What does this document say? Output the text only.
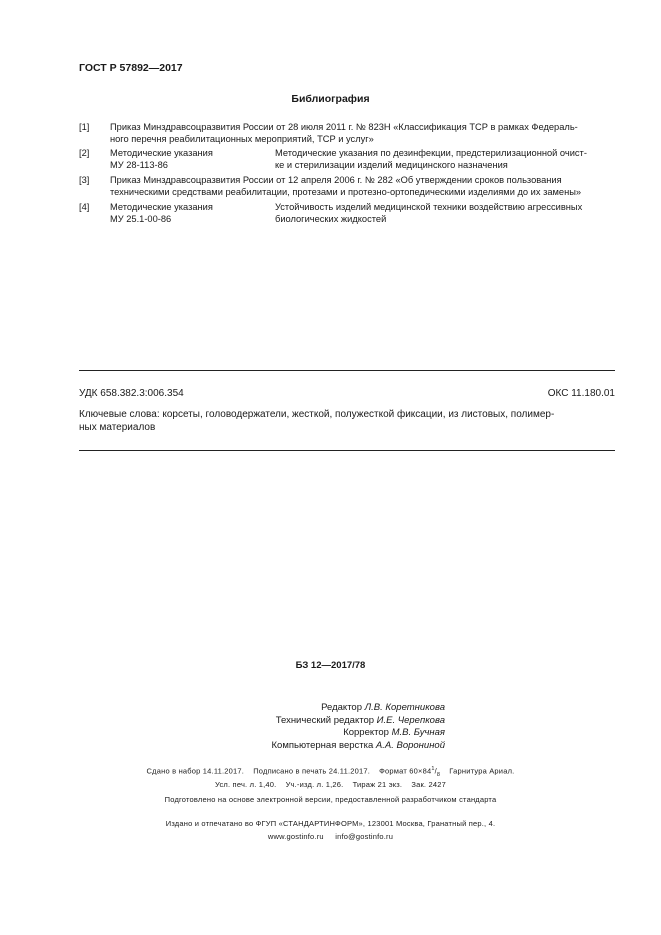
ГОСТ Р 57892—2017
Библиография
[1] Приказ Минздравсоцразвития России от 28 июля 2011 г. № 823Н «Классификация ТСР в рамках Федераль-
ного перечня реабилитационных мероприятий, ТСР и услуг»
[2] Методические указания
МУ 28-113-86
Методические указания по дезинфекции, предстерилизационной очист-
ке и стерилизации изделий медицинского назначения
[3] Приказ Минздравсоцразвития России от 12 апреля 2006 г. № 282 «Об утверждении сроков пользования
техническими средствами реабилитации, протезами и протезно-ортопедическими изделиями до их замены»
[4] Методические указания
МУ 25.1-00-86
Устойчивость изделий медицинской техники воздействию агрессивных
биологических жидкостей
УДК 658.382.3:006.354	ОКС 11.180.01
Ключевые слова: корсеты, головодержатели, жесткой, полужесткой фиксации, из листовых, полимер-
ных материалов
БЗ 12—2017/78
Редактор Л.В. Коретникова
Технический редактор И.Е. Черепкова
Корректор М.В. Бучная
Компьютерная верстка А.А. Ворониной
Сдано в набор 14.11.2017.    Подписано в печать 24.11.2017.    Формат $60\times 84^1/_8$    Гарнитура Ариал.
Усл. печ. л. 1,40.    Уч.-изд. л. 1,26.    Тираж 21 экз.    Зак. 2427
Подготовлено на основе электронной версии, предоставленной разработчиком стандарта
Издано и отпечатано во ФГУП «СТАНДАРТИНФОРМ», 123001 Москва, Гранатный пер., 4.
www.gostinfo.ru     info@gostinfo.ru
